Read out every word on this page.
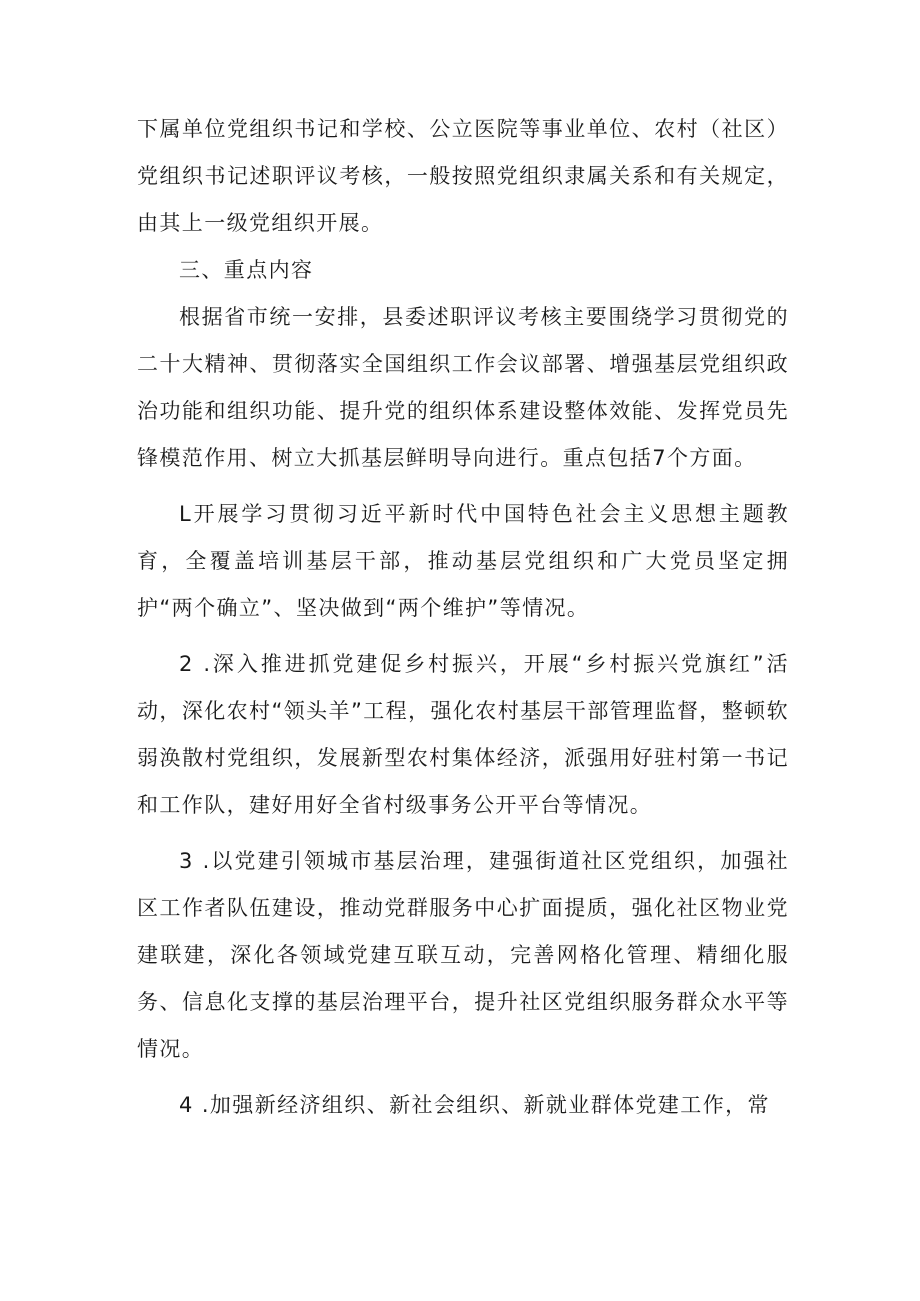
下属单位党组织书记和学校、公立医院等事业单位、农村（社区）党组织书记述职评议考核，一般按照党组织隶属关系和有关规定，由其上一级党组织开展。

三、重点内容

根据省市统一安排，县委述职评议考核主要围绕学习贯彻党的二十大精神、贯彻落实全国组织工作会议部署、增强基层党组织政治功能和组织功能、提升党的组织体系建设整体效能、发挥党员先锋模范作用、树立大抓基层鲜明导向进行。重点包括7个方面。

L开展学习贯彻习近平新时代中国特色社会主义思想主题教育，全覆盖培训基层干部，推动基层党组织和广大党员坚定拥护“两个确立”、坚决做到“两个维护”等情况。

2 .深入推进抓党建促乡村振兴，开展“乡村振兴党旗红”活动，深化农村“领头羊”工程，强化农村基层干部管理监督，整顿软弱涣散村党组织，发展新型农村集体经济，派强用好驻村第一书记和工作队，建好用好全省村级事务公开平台等情况。

3 .以党建引领城市基层治理，建强街道社区党组织，加强社区工作者队伍建设，推动党群服务中心扩面提质，强化社区物业党建联建，深化各领域党建互联互动，完善网格化管理、精细化服务、信息化支撑的基层治理平台，提升社区党组织服务群众水平等情况。

4 .加强新经济组织、新社会组织、新就业群体党建工作，常
